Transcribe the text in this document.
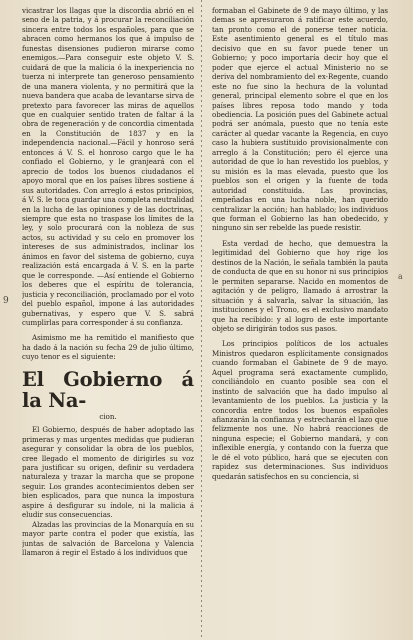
9
a

vicastrar los llagas que la discordia abrió en el seno de la patria, y á procurar la reconciliación sincera entre todos los españoles, para que se abracen como hermanos los que á impulso de funestas disensiones pudieron mirarse como enemigos.—Para conseguir este objeto V. S. cuidará de que la malicia ó la inexperiencia no tuerza ni interprete tan generoso pensamiento de una manera violenta, y no permitirá que la nueva bandera que acaba de levantarse sirva de pretexto para favorecer las miras de aquellos que en cualquier sentido traten de faltar á la obra de regeneración y de concordia cimentada en la Constitución de 1837 y en la independencia nacional.—Fácil y honroso será entonces á V. S. el honroso cargo que le ha confiado el Gobierno, y le granjeará con el aprecio de todos los buenos ciudadanos el apoyo moral que en los países libres sostiene á sus autoridades. Con arreglo á estos principios, á V. S. le toca guardar una completa neutralidad en la lucha de las opiniones y de las doctrinas, siempre que esta no traspase los límites de la ley, y solo procurará con la nobleza de sus actos, su actividad y su celo en promover los intereses de sus administrados, inclinar los ánimos en favor del sistema de gobierno, cuya realización está encargada á V. S. en la parte que le corresponde. —Así entiende el Gobierno los deberes que el espíritu de tolerancia, justicia y reconciliación, proclamado por el voto del pueblo español, impone á las autoridades gubernativas, y espero que V. S. sabrá cumplirlas para corresponder á su confianza.

Asimismo me ha remitido el manifiesto que ha dado á la nación su fecha 29 de julio último, cuyo tenor es el siguiente:

El Gobierno á la Na-
cion.

El Gobierno, después de haber adoptado las primeras y mas urgentes medidas que pudieran asegurar y consolidar la obra de los pueblos, cree llegado el momento de dirigirles su voz para justificar su origen, definir su verdadera naturaleza y trazar la marcha que se propone seguir. Los grandes acontecimientos deben ser bien esplicados, para que nunca la impostura aspire á desfigurar su índole, ni la malicia á eludir sus consecuencias.

Alzadas las provincias de la Monarquía en su mayor parte contra el poder que existía, las juntas de salvación de Barcelona y Valencia llamaron á regir el Estado á los individuos que

formaban el Gabinete de 9 de mayo último, y las demas se apresuraron á ratificar este acuerdo, tan pronto como el de ponerse tener noticia. Este asentimiento general es el título mas decisivo que en su favor puede tener un Gobierno; y poco importaría decir hoy que el poder que ejerce el actual Ministerio no se deriva del nombramiento del ex-Regente, cuando este no fue sino la hechura de la voluntad general, principal elemento sobre el que en los países libres reposa todo mando y toda obediencia. La posición pues del Gabinete actual podrá ser anómala, puesto que no tenía este carácter al quedar vacante la Regencia, en cuyo caso la hubiera sustituido provisionalmente con arreglo á la Constitución; pero él ejerce una autoridad de que lo han revestido los pueblos, y su misión es la mas elevada, puesto que los pueblos son el origen y la fuente de toda autoridad constituida. Las provincias, empeñadas en una lucha noble, han querido centralizar la acción; han hablado; los individuos que forman el Gobierno las han obedecido, y ninguno sin ser rebelde las puede resistir.

Esta verdad de hecho, que demuestra la legitimidad del Gobierno que hoy rige los destinos de la Nación, le señala también la pauta de conducta de que en su honor ni sus principios le permiten separarse. Nacido en momentos de agitación y de peligro, llamado á arrostrar la situación y á salvarla, salvar la situación, las instituciones y el Trono, es el exclusivo mandato que ha recibido: y al logro de este importante objeto se dirigirán todos sus pasos.

Los principios políticos de los actuales Ministros quedaron esplícitamente consignados cuando formaban el Gabinete de 9 de mayo. Aquel programa será exactamente cumplido, conciliándolo en cuanto posible sea con el instinto de salvación que ha dado impulso al levantamiento de los pueblos. La justicia y la concordia entre todos los buenos españoles afianzarán la confianza y estrecharán el lazo que felizmente nos une. No habrá reacciones de ninguna especie; el Gobierno mandará, y con inflexible energía, y contando con la fuerza que le dé el voto público, hará que se ejecuten con rapidez sus determinaciones. Sus individuos quedarán satisfechos en su conciencia, si
